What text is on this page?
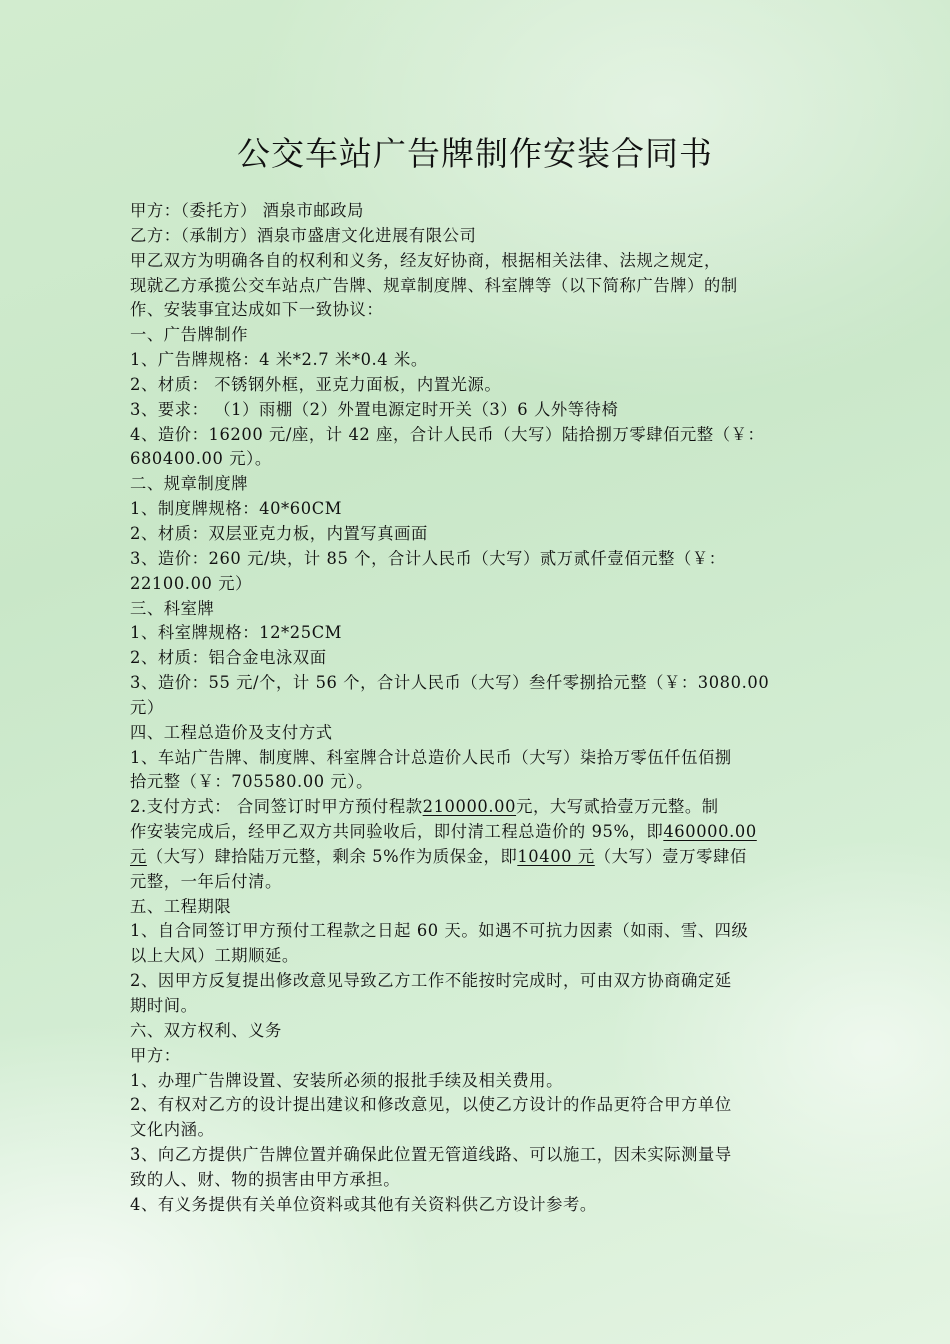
公交车站广告牌制作安装合同书
甲方：（委托方） 酒泉市邮政局
乙方：（承制方）酒泉市盛唐文化进展有限公司
甲乙双方为明确各自的权利和义务，经友好协商，根据相关法律、法规之规定，
现就乙方承揽公交车站点广告牌、规章制度牌、科室牌等（以下简称广告牌）的制
作、安装事宜达成如下一致协议：
一、广告牌制作
1、广告牌规格：4 米*2.7 米*0.4 米。
2、材质： 不锈钢外框，亚克力面板，内置光源。
3、要求： （1）雨棚（2）外置电源定时开关（3）6 人外等待椅
4、造价：16200 元/座，计 42 座，合计人民币（大写）陆拾捌万零肆佰元整（￥：
680400.00 元）。
二、规章制度牌
1、制度牌规格：40*60CM
2、材质：双层亚克力板，内置写真画面
3、造价：260 元/块，计 85 个，合计人民币（大写）贰万贰仟壹佰元整（￥：
22100.00 元）
三、科室牌
1、科室牌规格：12*25CM
2、材质：铝合金电泳双面
3、造价：55 元/个，计 56 个，合计人民币（大写）叁仟零捌拾元整（￥：3080.00
元）
四、工程总造价及支付方式
1、车站广告牌、制度牌、科室牌合计总造价人民币（大写）柒拾万零伍仟伍佰捌
拾元整（￥：705580.00 元）。
2.支付方式： 合同签订时甲方预付程款210000.00元，大写贰拾壹万元整。制
作安装完成后，经甲乙双方共同验收后，即付清工程总造价的 95%，即460000.00
元（大写）肆拾陆万元整，剩余 5%作为质保金，即10400 元（大写）壹万零肆佰
元整，一年后付清。
五、工程期限
1、自合同签订甲方预付工程款之日起 60 天。如遇不可抗力因素（如雨、雪、四级
以上大风）工期顺延。
2、因甲方反复提出修改意见导致乙方工作不能按时完成时，可由双方协商确定延
期时间。
六、双方权利、义务
甲方：
1、办理广告牌设置、安装所必须的报批手续及相关费用。
2、有权对乙方的设计提出建议和修改意见，以使乙方设计的作品更符合甲方单位
文化内涵。
3、向乙方提供广告牌位置并确保此位置无管道线路、可以施工，因未实际测量导
致的人、财、物的损害由甲方承担。
4、有义务提供有关单位资料或其他有关资料供乙方设计参考。
